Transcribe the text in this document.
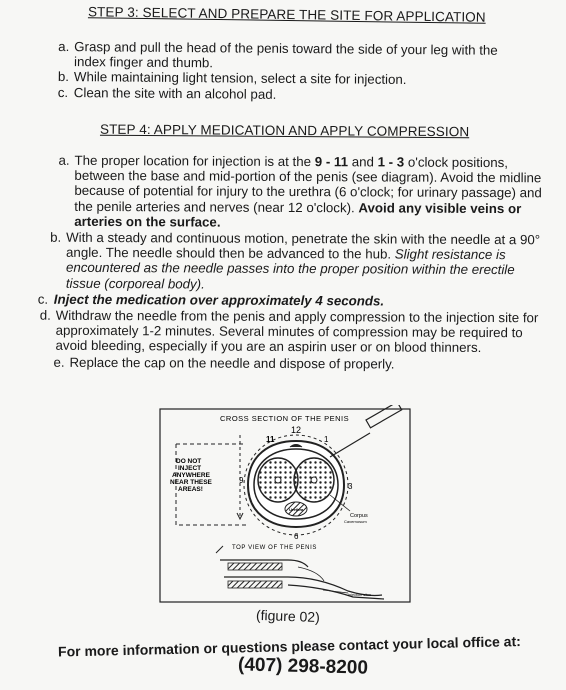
STEP 3: SELECT AND PREPARE THE SITE FOR APPLICATION
a. Grasp and pull the head of the penis toward the side of your leg with the index finger and thumb.
b. While maintaining light tension, select a site for injection.
c. Clean the site with an alcohol pad.
STEP 4: APPLY MEDICATION AND APPLY COMPRESSION
a. The proper location for injection is at the 9 - 11 and 1 - 3 o'clock positions, between the base and mid-portion of the penis (see diagram). Avoid the midline because of potential for injury to the urethra (6 o'clock; for urinary passage) and the penile arteries and nerves (near 12 o'clock). Avoid any visible veins or arteries on the surface.
b. With a steady and continuous motion, penetrate the skin with the needle at a 90° angle. The needle should then be advanced to the hub. Slight resistance is encountered as the needle passes into the proper position within the erectile tissue (corporeal body).
c. Inject the medication over approximately 4 seconds.
d. Withdraw the needle from the penis and apply compression to the injection site for approximately 1-2 minutes. Several minutes of compression may be required to avoid bleeding, especially if you are an aspirin user or on blood thinners.
e. Replace the cap on the needle and dispose of properly.
CROSS SECTION OF THE PENIS
DO NOT
INJECT
ANYWHERE
NEAR THESE
AREAS!
Urethra
12
11	1
9
3
6
Corpus
Cavernosum
TOP VIEW OF THE PENIS
Injection sites
(figure 02)
For more information or questions please contact your local office at:
(407) 298-8200
